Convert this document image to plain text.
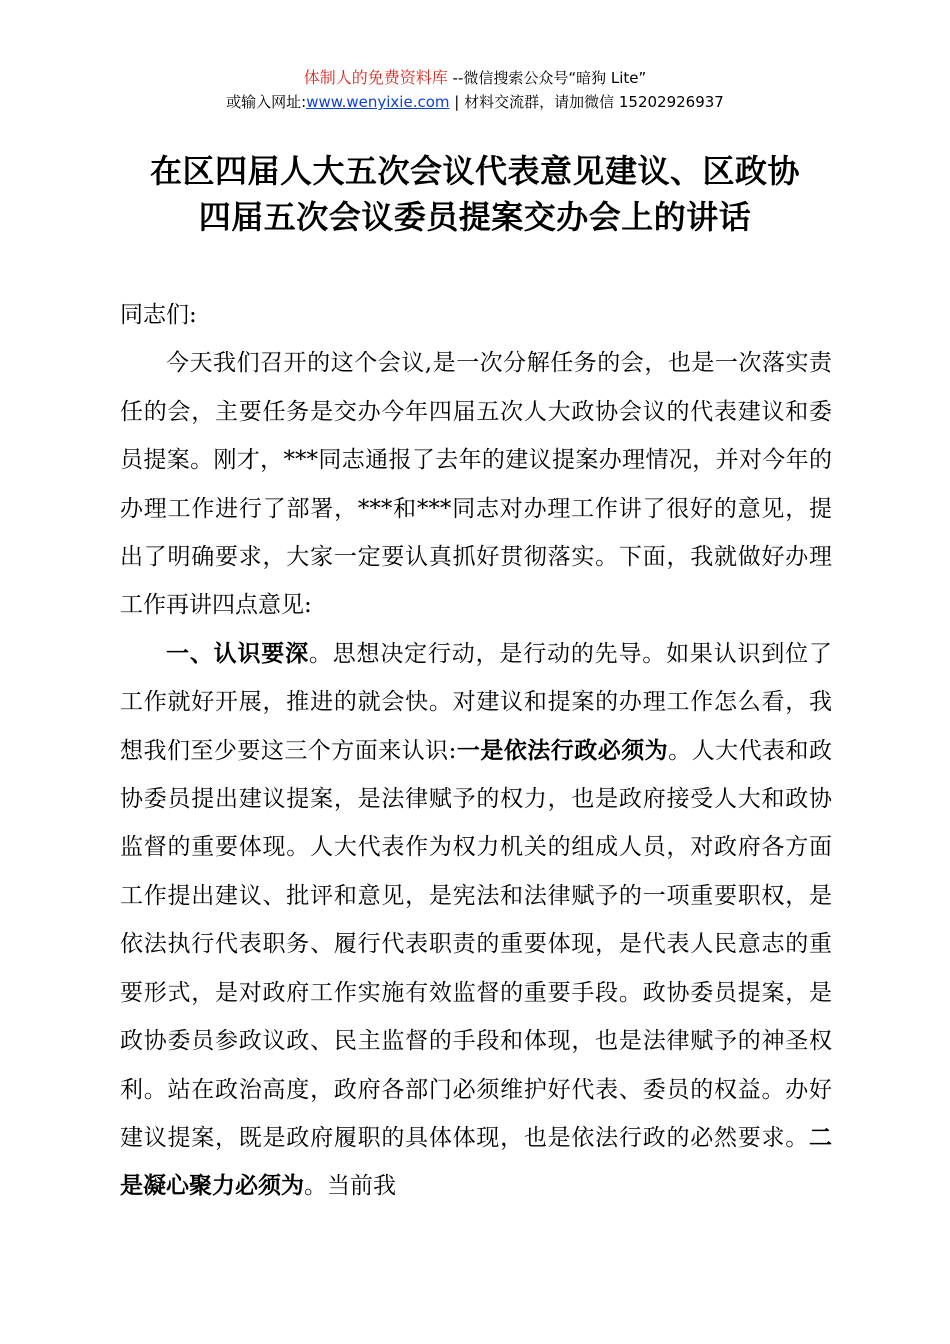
体制人的免费资料库 --微信搜索公众号“暗狗 Lite”
或输入网址:www.wenyixie.com | 材料交流群，请加微信 15202926937
在区四届人大五次会议代表意见建议、区政协
四届五次会议委员提案交办会上的讲话

同志们:

今天我们召开的这个会议,是一次分解任务的会，也是一次落实责任的会，主要任务是交办今年四届五次人大政协会议的代表建议和委员提案。刚才，***同志通报了去年的建议提案办理情况，并对今年的办理工作进行了部署，***和***同志对办理工作讲了很好的意见，提出了明确要求，大家一定要认真抓好贯彻落实。下面，我就做好办理工作再讲四点意见:

一、认识要深。思想决定行动，是行动的先导。如果认识到位了工作就好开展，推进的就会快。对建议和提案的办理工作怎么看，我想我们至少要这三个方面来认识:一是依法行政必须为。人大代表和政协委员提出建议提案，是法律赋予的权力，也是政府接受人大和政协监督的重要体现。人大代表作为权力机关的组成人员，对政府各方面工作提出建议、批评和意见，是宪法和法律赋予的一项重要职权，是依法执行代表职务、履行代表职责的重要体现，是代表人民意志的重要形式，是对政府工作实施有效监督的重要手段。政协委员提案，是政协委员参政议政、民主监督的手段和体现，也是法律赋予的神圣权利。站在政治高度，政府各部门必须维护好代表、委员的权益。办好建议提案，既是政府履职的具体体现，也是依法行政的必然要求。二是凝心聚力必须为。当前我
